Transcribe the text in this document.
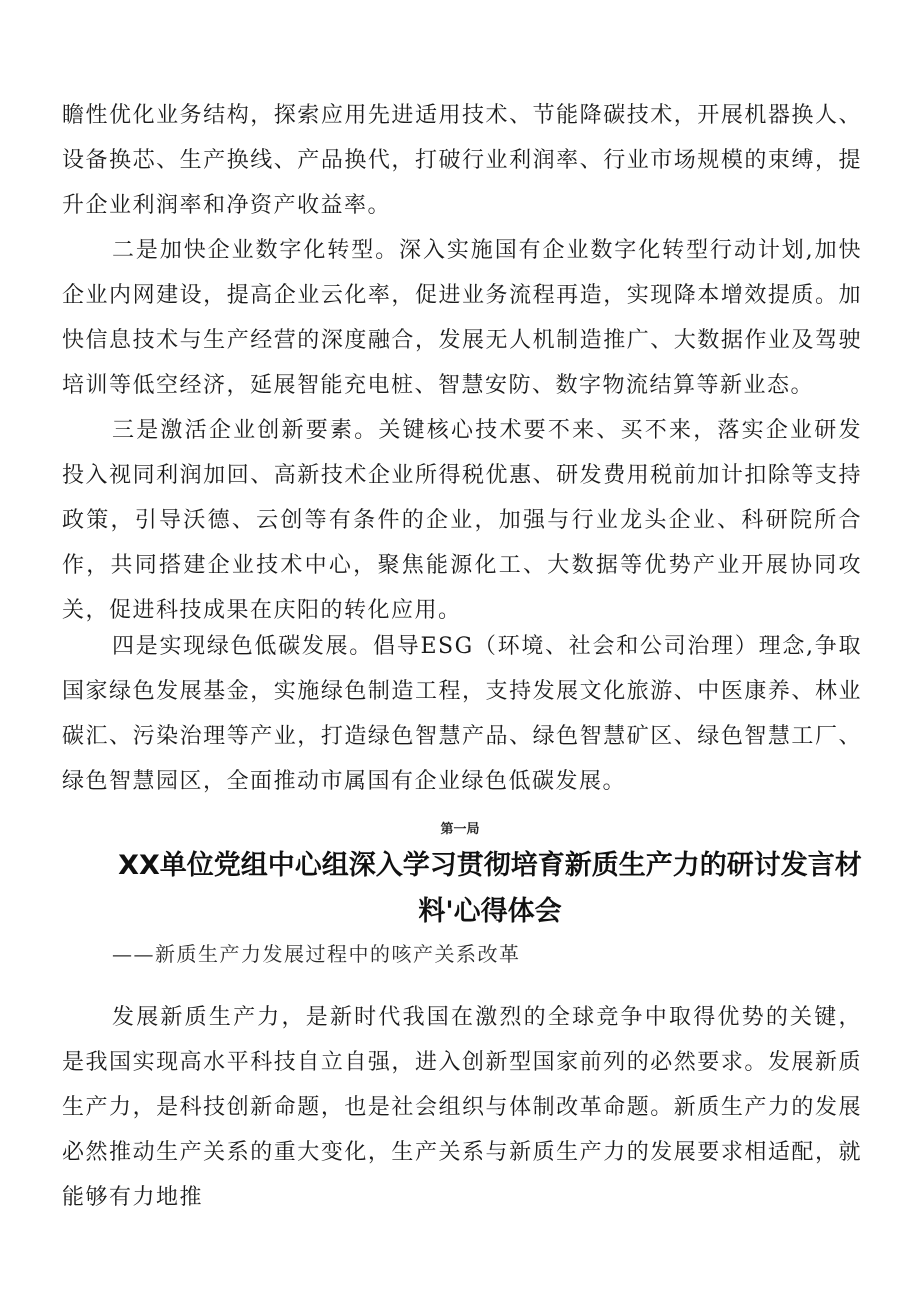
瞻性优化业务结构，探索应用先进适用技术、节能降碳技术，开展机器换人、设备换芯、生产换线、产品换代，打破行业利润率、行业市场规模的束缚，提升企业利润率和净资产收益率。

二是加快企业数字化转型。深入实施国有企业数字化转型行动计划,加快企业内网建设，提高企业云化率，促进业务流程再造，实现降本增效提质。加快信息技术与生产经营的深度融合，发展无人机制造推广、大数据作业及驾驶培训等低空经济，延展智能充电桩、智慧安防、数字物流结算等新业态。

三是激活企业创新要素。关键核心技术要不来、买不来，落实企业研发投入视同利润加回、高新技术企业所得税优惠、研发费用税前加计扣除等支持政策，引导沃德、云创等有条件的企业，加强与行业龙头企业、科研院所合作，共同搭建企业技术中心，聚焦能源化工、大数据等优势产业开展协同攻关，促进科技成果在庆阳的转化应用。

四是实现绿色低碳发展。倡导ESG（环境、社会和公司治理）理念,争取国家绿色发展基金，实施绿色制造工程，支持发展文化旅游、中医康养、林业碳汇、污染治理等产业，打造绿色智慧产品、绿色智慧矿区、绿色智慧工厂、绿色智慧园区，全面推动市属国有企业绿色低碳发展。

第一局
XX单位党组中心组深入学习贯彻培育新质生产力的研讨发言材料'心得体会
——新质生产力发展过程中的咳产关系改革

发展新质生产力，是新时代我国在激烈的全球竞争中取得优势的关键，是我国实现高水平科技自立自强，进入创新型国家前列的必然要求。发展新质生产力，是科技创新命题，也是社会组织与体制改革命题。新质生产力的发展必然推动生产关系的重大变化，生产关系与新质生产力的发展要求相适配，就能够有力地推
